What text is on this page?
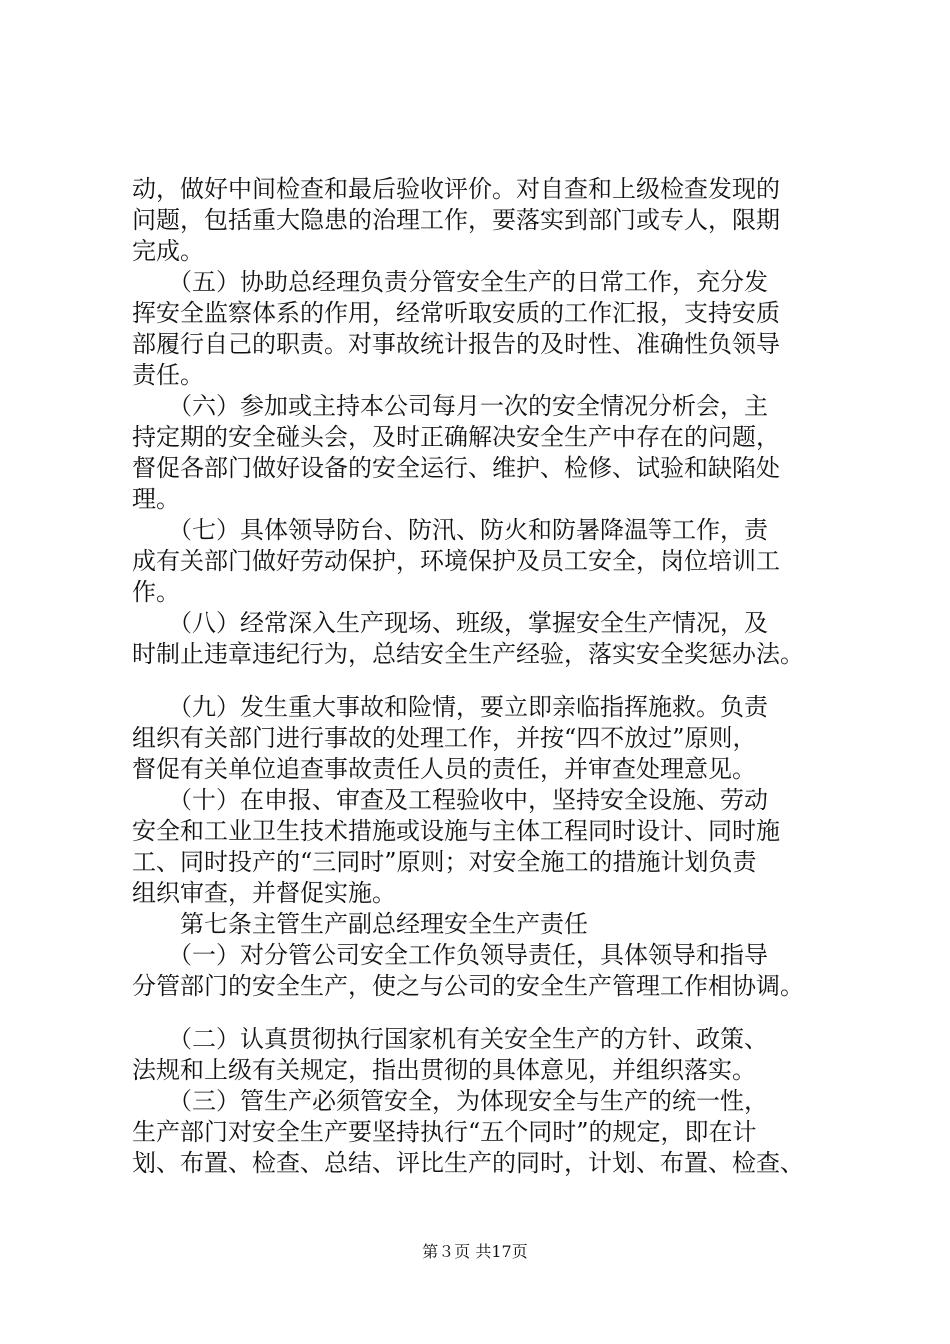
动，做好中间检查和最后验收评价。对自查和上级检查发现的
问题，包括重大隐患的治理工作，要落实到部门或专人，限期
完成。
　　（五）协助总经理负责分管安全生产的日常工作，充分发
挥安全监察体系的作用，经常听取安质的工作汇报，支持安质
部履行自己的职责。对事故统计报告的及时性、准确性负领导
责任。
　　（六）参加或主持本公司每月一次的安全情况分析会，主
持定期的安全碰头会，及时正确解决安全生产中存在的问题，
督促各部门做好设备的安全运行、维护、检修、试验和缺陷处
理。
　　（七）具体领导防台、防汛、防火和防暑降温等工作，责
成有关部门做好劳动保护，环境保护及员工安全，岗位培训工
作。
　　（八）经常深入生产现场、班级，掌握安全生产情况，及
时制止违章违纪行为，总结安全生产经验，落实安全奖惩办法。
　　（九）发生重大事故和险情，要立即亲临指挥施救。负责
组织有关部门进行事故的处理工作，并按“四不放过”原则，
督促有关单位追查事故责任人员的责任，并审查处理意见。
　　（十）在申报、审查及工程验收中，坚持安全设施、劳动
安全和工业卫生技术措施或设施与主体工程同时设计、同时施
工、同时投产的“三同时”原则；对安全施工的措施计划负责
组织审查，并督促实施。
　　第七条主管生产副总经理安全生产责任
　　（一）对分管公司安全工作负领导责任，具体领导和指导
分管部门的安全生产，使之与公司的安全生产管理工作相协调。
　　（二）认真贯彻执行国家机有关安全生产的方针、政策、
法规和上级有关规定，指出贯彻的具体意见，并组织落实。
　　（三）管生产必须管安全，为体现安全与生产的统一性，
生产部门对安全生产要坚持执行“五个同时”的规定，即在计
划、布置、检查、总结、评比生产的同时，计划、布置、检查、
第３页 共17页
